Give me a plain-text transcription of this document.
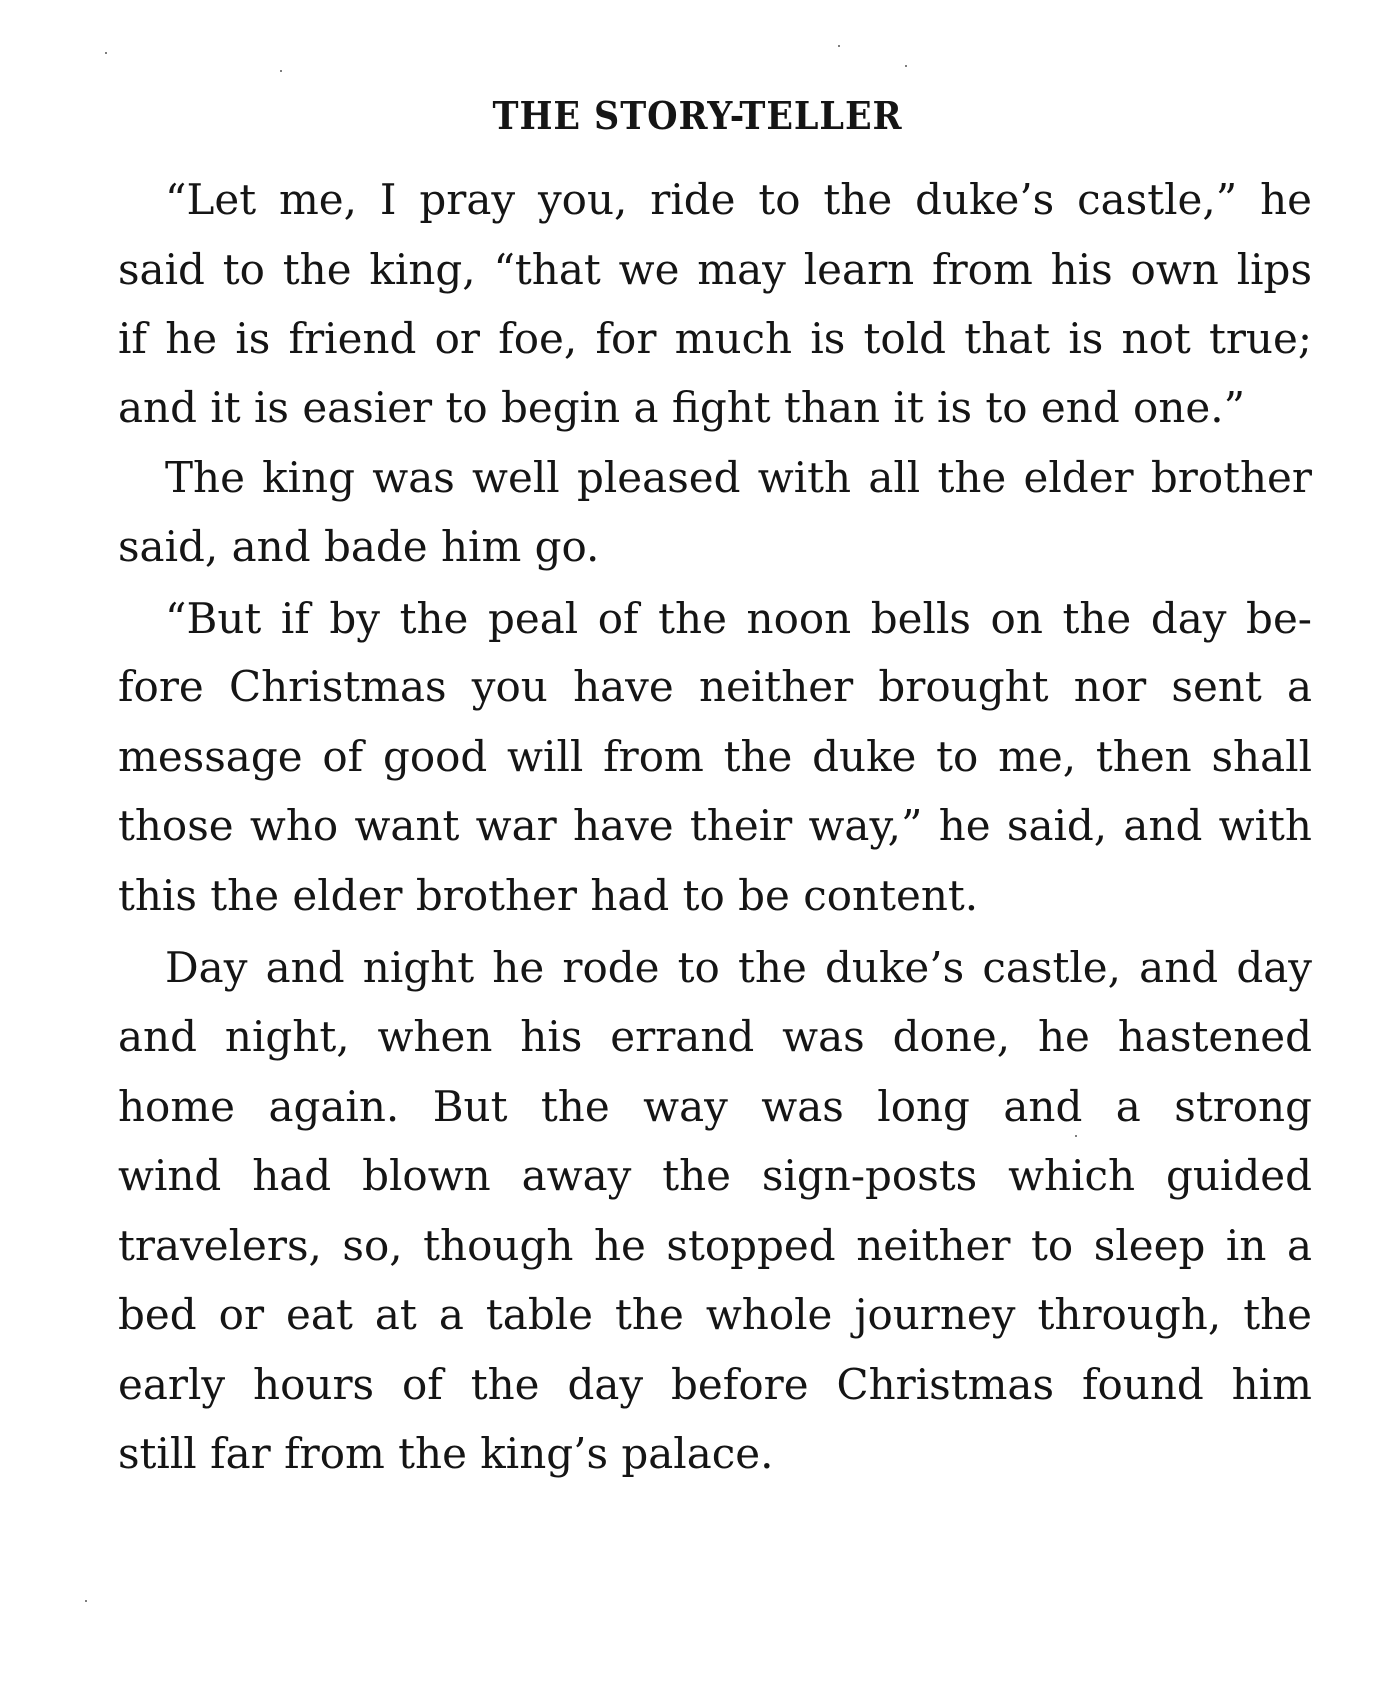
THE STORY-TELLER

“Let me, I pray you, ride to the duke’s castle,” he

said to the king, “that we may learn from his own lips

if he is friend or foe, for much is told that is not true;

and it is easier to begin a fight than it is to end one.”

The king was well pleased with all the elder brother

said, and bade him go.

“But if by the peal of the noon bells on the day be-

fore Christmas you have neither brought nor sent a

message of good will from the duke to me, then shall

those who want war have their way,” he said, and with

this the elder brother had to be content.

Day and night he rode to the duke’s castle, and day

and night, when his errand was done, he hastened

home again. But the way was long and a strong

wind had blown away the sign-posts which guided

travelers, so, though he stopped neither to sleep in a

bed or eat at a table the whole journey through, the

early hours of the day before Christmas found him

still far from the king’s palace.
